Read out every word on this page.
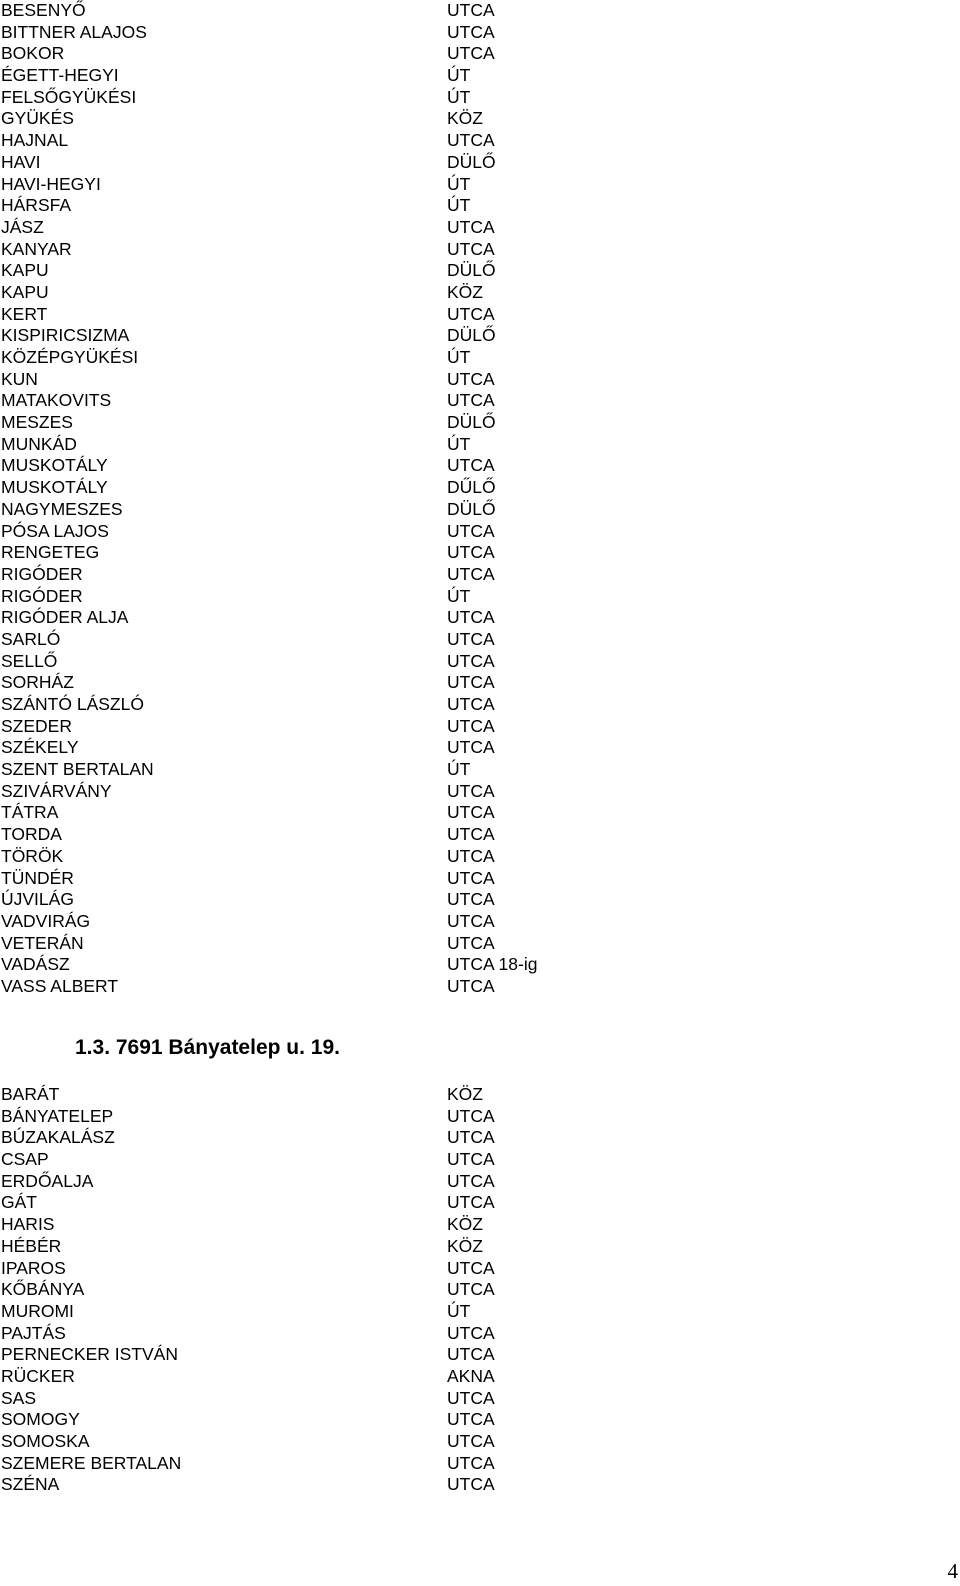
BESENYŐ	UTCA
BITTNER ALAJOS	UTCA
BOKOR	UTCA
ÉGETT-HEGYI	ÚT
FELSŐGYÜKÉSI	ÚT
GYÜKÉS	KÖZ
HAJNAL	UTCA
HAVI	DÜLŐ
HAVI-HEGYI	ÚT
HÁRSFA	ÚT
JÁSZ	UTCA
KANYAR	UTCA
KAPU	DÜLŐ
KAPU	KÖZ
KERT	UTCA
KISPIRICSIZMA	DÜLŐ
KÖZÉPGYÜKÉSI	ÚT
KUN	UTCA
MATAKOVITS	UTCA
MESZES	DÜLŐ
MUNKÁD	ÚT
MUSKOTÁLY	UTCA
MUSKOTÁLY	DŰLŐ
NAGYMESZES	DÜLŐ
PÓSA LAJOS	UTCA
RENGETEG	UTCA
RIGÓDER	UTCA
RIGÓDER	ÚT
RIGÓDER ALJA	UTCA
SARLÓ	UTCA
SELLŐ	UTCA
SORHÁZ	UTCA
SZÁNTÓ LÁSZLÓ	UTCA
SZEDER	UTCA
SZÉKELY	UTCA
SZENT BERTALAN	ÚT
SZIVÁRVÁNY	UTCA
TÁTRA	UTCA
TORDA	UTCA
TÖRÖK	UTCA
TÜNDÉR	UTCA
ÚJVILÁG	UTCA
VADVIRÁG	UTCA
VETERÁN	UTCA
VADÁSZ	UTCA 18-ig
VASS ALBERT	UTCA
1.3. 7691 Bányatelep u. 19.
BARÁT	KÖZ
BÁNYATELEP	UTCA
BÚZAKALÁSZ	UTCA
CSAP	UTCA
ERDŐALJA	UTCA
GÁT	UTCA
HARIS	KÖZ
HÉBÉR	KÖZ
IPAROS	UTCA
KŐBÁNYA	UTCA
MUROMI	ÚT
PAJTÁS	UTCA
PERNECKER ISTVÁN	UTCA
RÜCKER	AKNA
SAS	UTCA
SOMOGY	UTCA
SOMOSKA	UTCA
SZEMERE BERTALAN	UTCA
SZÉNA	UTCA
4
